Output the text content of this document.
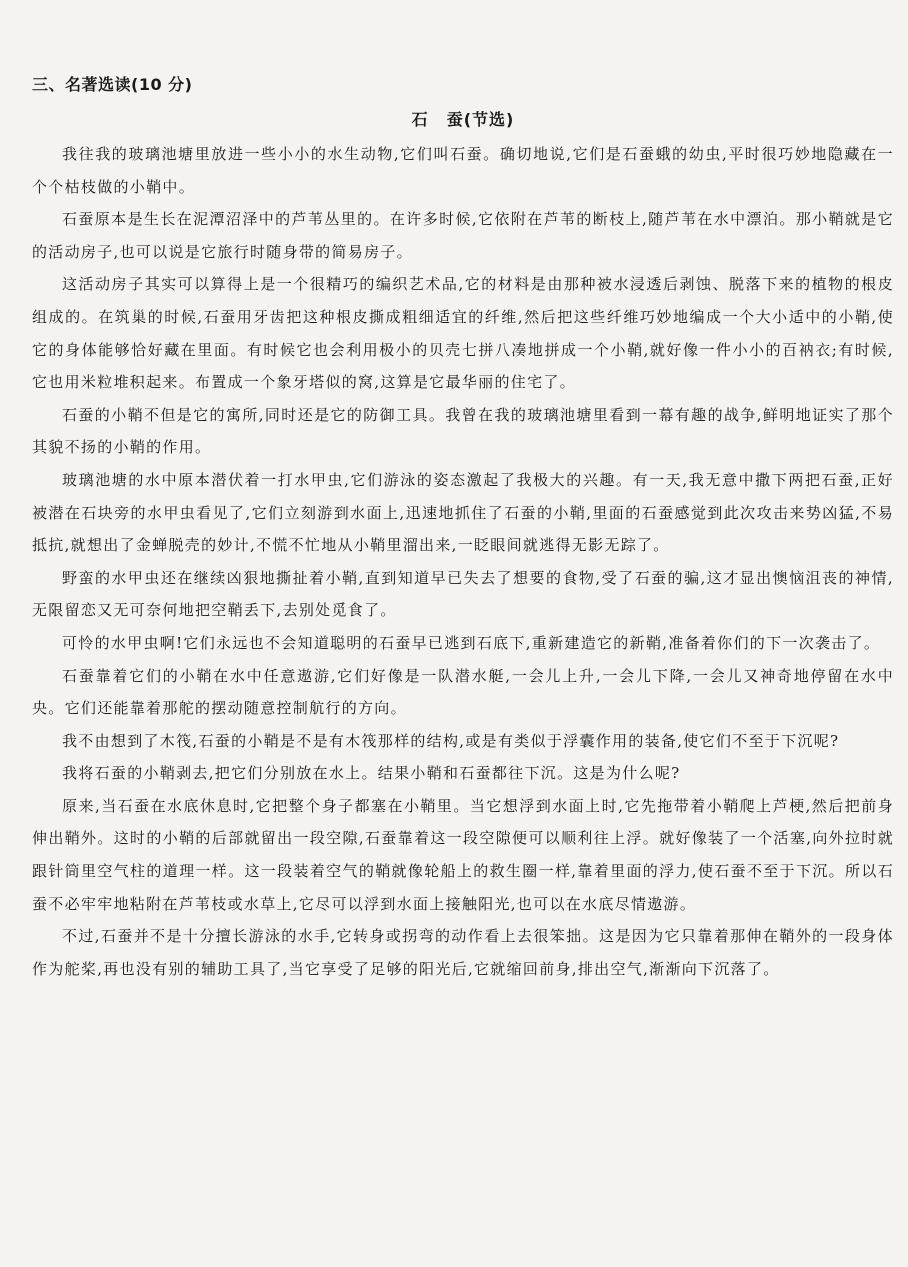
三、名著选读(10 分)
石 蚕(节选)

我往我的玻璃池塘里放进一些小小的水生动物,它们叫石蚕。确切地说,它们是石蚕蛾的幼虫,平时很巧妙地隐藏在一个个枯枝做的小鞘中。

石蚕原本是生长在泥潭沼泽中的芦苇丛里的。在许多时候,它依附在芦苇的断枝上,随芦苇在水中漂泊。那小鞘就是它的活动房子,也可以说是它旅行时随身带的简易房子。

这活动房子其实可以算得上是一个很精巧的编织艺术品,它的材料是由那种被水浸透后剥蚀、脱落下来的植物的根皮组成的。在筑巢的时候,石蚕用牙齿把这种根皮撕成粗细适宜的纤维,然后把这些纤维巧妙地编成一个大小适中的小鞘,使它的身体能够恰好藏在里面。有时候它也会利用极小的贝壳七拼八凑地拼成一个小鞘,就好像一件小小的百衲衣;有时候,它也用米粒堆积起来。布置成一个象牙塔似的窝,这算是它最华丽的住宅了。

石蚕的小鞘不但是它的寓所,同时还是它的防御工具。我曾在我的玻璃池塘里看到一幕有趣的战争,鲜明地证实了那个其貌不扬的小鞘的作用。

玻璃池塘的水中原本潜伏着一打水甲虫,它们游泳的姿态激起了我极大的兴趣。有一天,我无意中撒下两把石蚕,正好被潜在石块旁的水甲虫看见了,它们立刻游到水面上,迅速地抓住了石蚕的小鞘,里面的石蚕感觉到此次攻击来势凶猛,不易抵抗,就想出了金蝉脱壳的妙计,不慌不忙地从小鞘里溜出来,一眨眼间就逃得无影无踪了。

野蛮的水甲虫还在继续凶狠地撕扯着小鞘,直到知道早已失去了想要的食物,受了石蚕的骗,这才显出懊恼沮丧的神情,无限留恋又无可奈何地把空鞘丢下,去别处觅食了。

可怜的水甲虫啊!它们永远也不会知道聪明的石蚕早已逃到石底下,重新建造它的新鞘,准备着你们的下一次袭击了。

石蚕靠着它们的小鞘在水中任意遨游,它们好像是一队潜水艇,一会儿上升,一会儿下降,一会儿又神奇地停留在水中央。它们还能靠着那舵的摆动随意控制航行的方向。

我不由想到了木筏,石蚕的小鞘是不是有木筏那样的结构,或是有类似于浮囊作用的装备,使它们不至于下沉呢?

我将石蚕的小鞘剥去,把它们分别放在水上。结果小鞘和石蚕都往下沉。这是为什么呢?

原来,当石蚕在水底休息时,它把整个身子都塞在小鞘里。当它想浮到水面上时,它先拖带着小鞘爬上芦梗,然后把前身伸出鞘外。这时的小鞘的后部就留出一段空隙,石蚕靠着这一段空隙便可以顺利往上浮。就好像装了一个活塞,向外拉时就跟针筒里空气柱的道理一样。这一段装着空气的鞘就像轮船上的救生圈一样,靠着里面的浮力,使石蚕不至于下沉。所以石蚕不必牢牢地粘附在芦苇枝或水草上,它尽可以浮到水面上接触阳光,也可以在水底尽情遨游。

不过,石蚕并不是十分擅长游泳的水手,它转身或拐弯的动作看上去很笨拙。这是因为它只靠着那伸在鞘外的一段身体作为舵桨,再也没有别的辅助工具了,当它享受了足够的阳光后,它就缩回前身,排出空气,渐渐向下沉落了。
